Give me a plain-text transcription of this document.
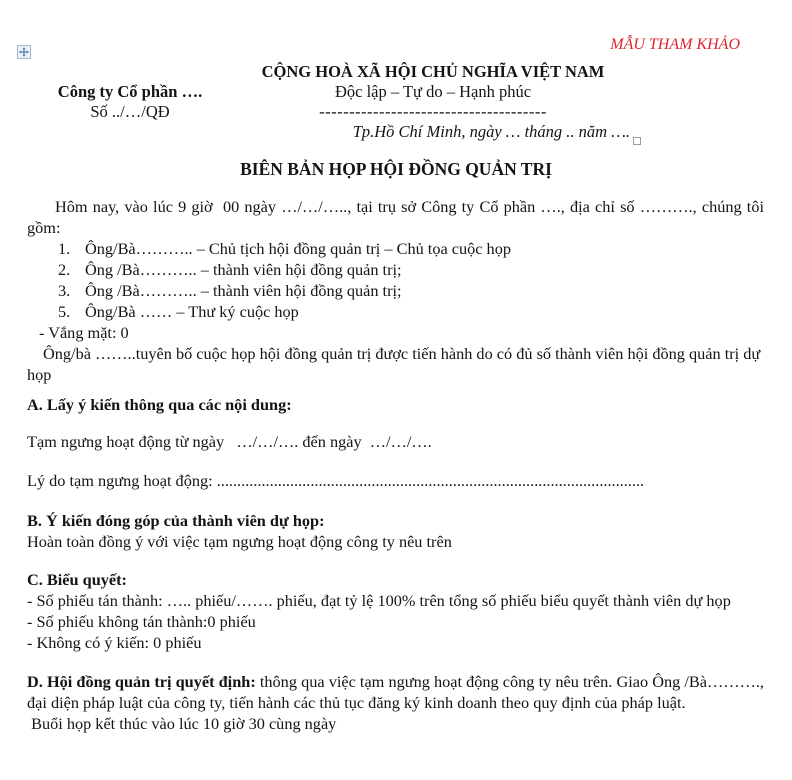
MẪU THAM KHẢO
Công ty Cổ phần ….
Số ../…/QĐ
CỘNG HOÀ XÃ HỘI CHỦ NGHĨA VIỆT NAM
Độc lập – Tự do – Hạnh phúc
--------------------------------------
Tp.Hồ Chí Minh, ngày … tháng .. năm ….
BIÊN BẢN HỌP HỘI ĐỒNG QUẢN TRỊ

Hôm nay, vào lúc 9 giờ  00 ngày …/…/….., tại trụ sở Công ty Cổ phần …., địa chỉ số ………., chúng tôi gồm:

1. Ông/Bà……….. – Chủ tịch hội đồng quản trị – Chủ tọa cuộc họp

2. Ông /Bà……….. – thành viên hội đồng quản trị;

3. Ông /Bà……….. – thành viên hội đồng quản trị;

5. Ông/Bà …… – Thư ký cuộc họp

- Vắng mặt: 0

Ông/bà ……..tuyên bố cuộc họp hội đồng quản trị được tiến hành do có đủ số thành viên hội đồng quản trị dự họp

A. Lấy ý kiến thông qua các nội dung:

Tạm ngưng hoạt động từ ngày   …/…/…. đến ngày  …/…/….

Lý do tạm ngưng hoạt động: .........................................................................................................

B. Ý kiến đóng góp của thành viên dự họp:

Hoàn toàn đồng ý với việc tạm ngưng hoạt động công ty nêu trên

C. Biểu quyết:

- Số phiếu tán thành: ….. phiếu/……. phiếu, đạt tỷ lệ 100% trên tổng số phiếu biểu quyết thành viên dự họp

- Số phiếu không tán thành:0 phiếu

- Không có ý kiến: 0 phiếu

D. Hội đồng quản trị quyết định: thông qua việc tạm ngưng hoạt động công ty nêu trên. Giao Ông /Bà………., đại diện pháp luật của công ty, tiến hành các thủ tục đăng ký kinh doanh theo quy định của pháp luật.

Buổi họp kết thúc vào lúc 10 giờ 30 cùng ngày
